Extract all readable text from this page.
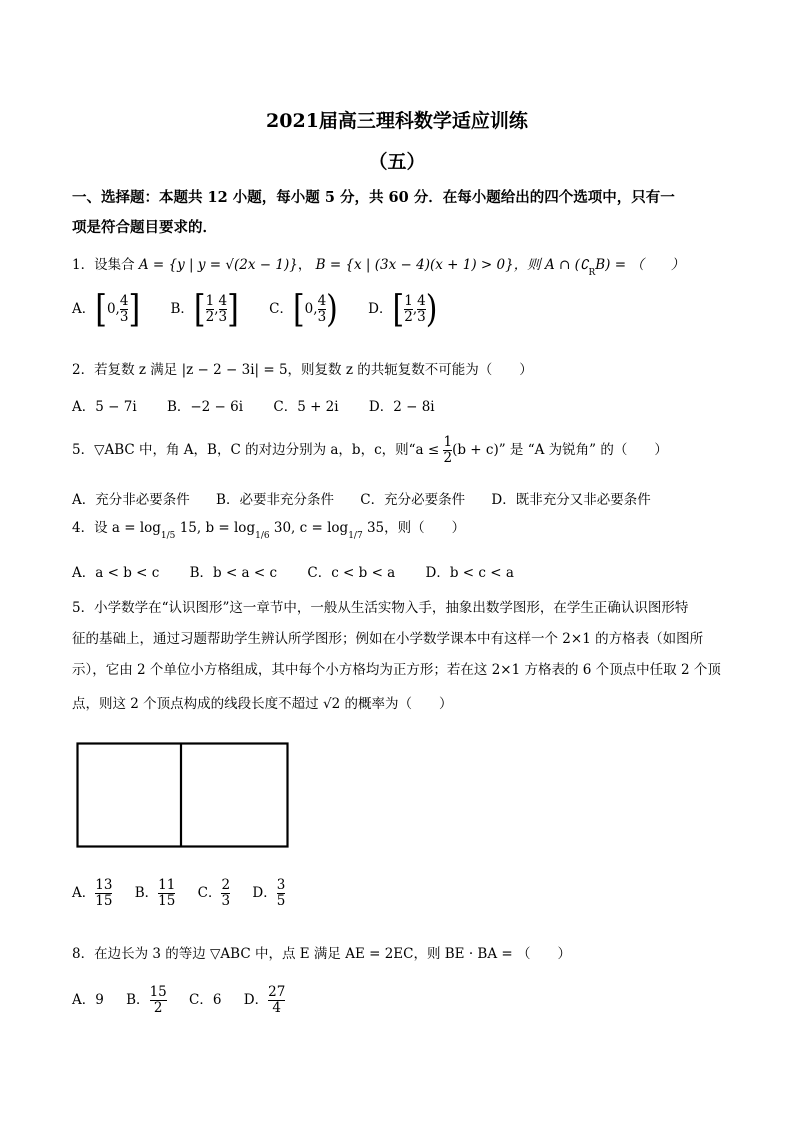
2021届高三理科数学适应训练
（五）
一、选择题：本题共 12 小题，每小题 5 分，共 60 分．在每小题给出的四个选项中，只有一
项是符合题目要求的．
1．设集合 A = {y | y = √(2x − 1)}， B = {x | (3x − 4)(x + 1) > 0}，则 A ∩ $(∁_RB)$ = （　　）
A．[0, $\frac{4}{3}$ ] B．[ $\frac{1}{2}$ , $\frac{4}{3}$ ] C．[0, $\frac{4}{3}$ ) D．[ $\frac{1}{2}$ , $\frac{4}{3}$ )
2．若复数 z 满足 |z − 2 − 3i| = 5，则复数 z 的共轭复数不可能为（　　）
A．5 − 7i B．−2 − 6i C．5 + 2i D．2 − 8i
5．▽ABC 中，角 A，B，C 的对边分别为 a，b，c，则“$a \le \frac{1}{2} (b + c)$” 是 “A 为锐角” 的（　　）
A．充分非必要条件 B．必要非充分条件 C．充分必要条件 D．既非充分又非必要条件
4．设 $a = \log_{1/5} 15$, $b = \log_{1/6} 30$, $c = \log_{1/7} 35$，则（　　）
A．a < b < c B．b < a < c C．c < b < a D．b < c < a
5．小学数学在“认识图形”这一章节中，一般从生活实物入手，抽象出数学图形，在学生正确认识图形特
征的基础上，通过习题帮助学生辨认所学图形；例如在小学数学课本中有这样一个 2×1 的方格表（如图所
示），它由 2 个单位小方格组成，其中每个小方格均为正方形；若在这 2×1 方格表的 6 个顶点中任取 2 个顶
点，则这 2 个顶点构成的线段长度不超过 √2 的概率为（　　）
A． $\frac{13}{15}$ B． $\frac{11}{15}$ C． $\frac{2}{3}$ D． $\frac{3}{5}$
8．在边长为 3 的等边 ▽ABC 中，点 E 满足 AE = 2EC，则 BE · BA = （　　）
A．9 B． $\frac{15}{2}$ C．6 D． $\frac{27}{4}$
